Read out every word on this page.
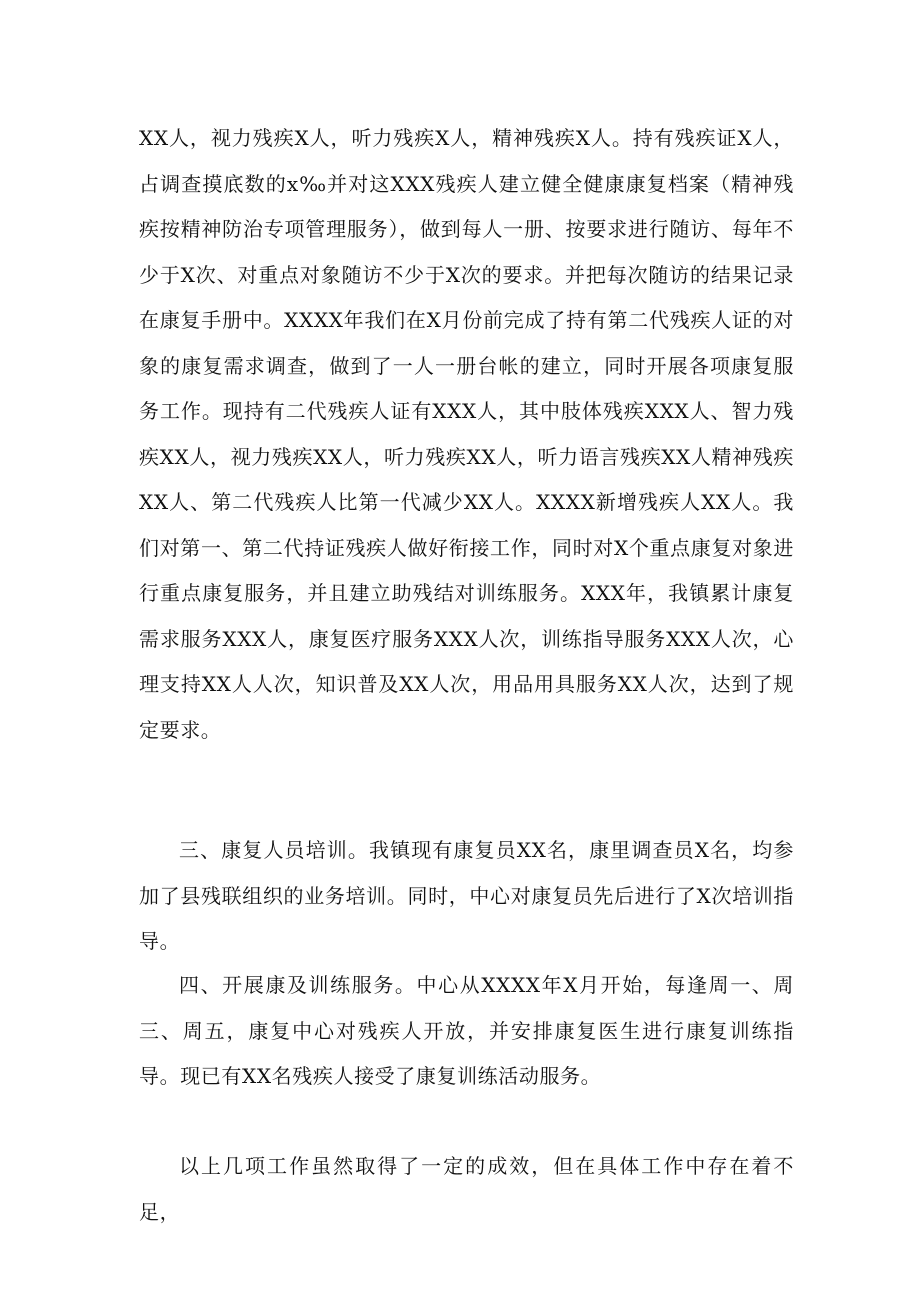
XX人，视力残疾X人，听力残疾X人，精神残疾X人。持有残疾证X人，占调查摸底数的x‰并对这XXX残疾人建立健全健康康复档案（精神残疾按精神防治专项管理服务），做到每人一册、按要求进行随访、每年不少于X次、对重点对象随访不少于X次的要求。并把每次随访的结果记录在康复手册中。XXXX年我们在X月份前完成了持有第二代残疾人证的对象的康复需求调查，做到了一人一册台帐的建立，同时开展各项康复服务工作。现持有二代残疾人证有XXX人，其中肢体残疾XXX人、智力残疾XX人，视力残疾XX人，听力残疾XX人，听力语言残疾XX人精神残疾XX人、第二代残疾人比第一代减少XX人。XXXX新增残疾人XX人。我们对第一、第二代持证残疾人做好衔接工作，同时对X个重点康复对象进行重点康复服务，并且建立助残结对训练服务。XXX年，我镇累计康复需求服务XXX人，康复医疗服务XXX人次，训练指导服务XXX人次，心理支持XX人人次，知识普及XX人次，用品用具服务XX人次，达到了规定要求。

三、康复人员培训。我镇现有康复员XX名，康里调查员X名，均参加了县残联组织的业务培训。同时，中心对康复员先后进行了X次培训指导。

四、开展康及训练服务。中心从XXXX年X月开始，每逢周一、周三、周五，康复中心对残疾人开放，并安排康复医生进行康复训练指导。现已有XX名残疾人接受了康复训练活动服务。

以上几项工作虽然取得了一定的成效，但在具体工作中存在着不足，
